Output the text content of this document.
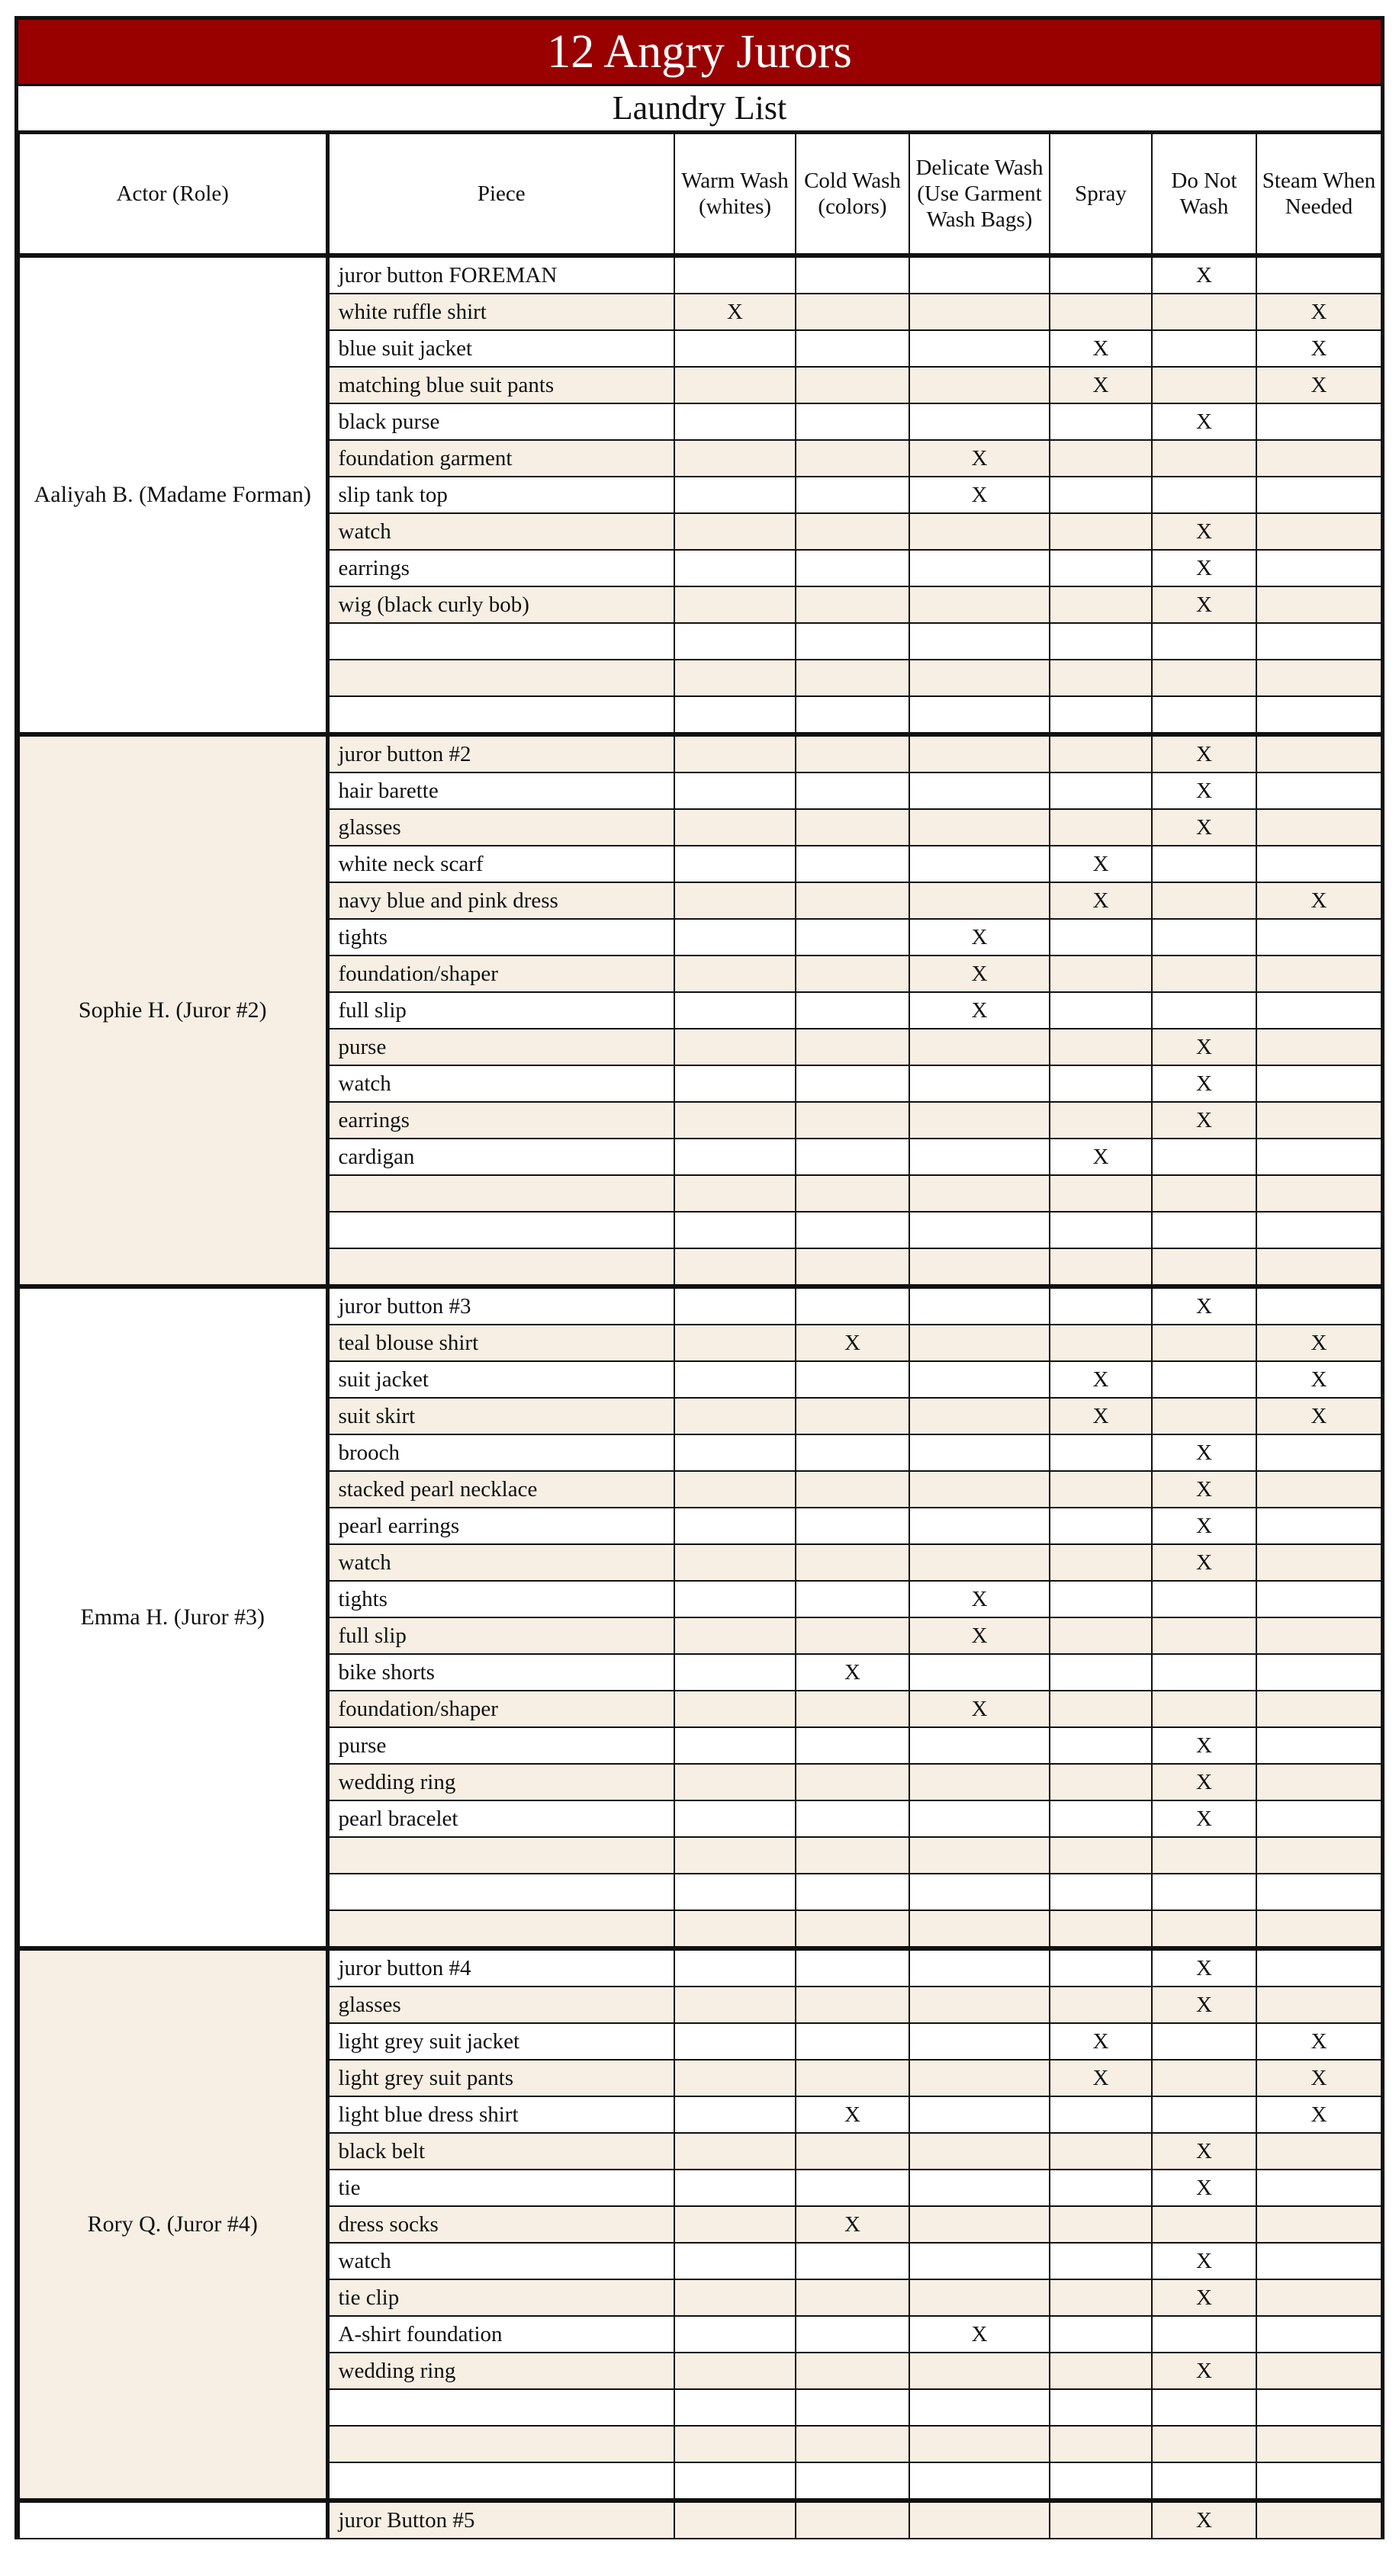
12 Angry Jurors
Laundry List
Actor (Role)	Piece	Warm Wash (whites)	Cold Wash (colors)	Delicate Wash (Use Garment Wash Bags)	Spray	Do Not Wash	Steam When Needed
Aaliyah B. (Madame Forman)	juror button FOREMAN					X	
	white ruffle shirt	X					X
	blue suit jacket				X		X
	matching blue suit pants				X		X
	black purse					X	
	foundation garment			X			
	slip tank top			X			
	watch					X	
	earrings					X	
	wig (black curly bob)					X	

Sophie H. (Juror #2)	juror button #2					X	
	hair barette					X	
	glasses					X	
	white neck scarf				X		
	navy blue and pink dress				X		X
	tights			X			
	foundation/shaper			X			
	full slip			X			
	purse					X	
	watch					X	
	earrings					X	
	cardigan				X		

Emma H. (Juror #3)	juror button #3					X	
	teal blouse shirt		X				X
	suit jacket				X		X
	suit skirt				X		X
	brooch					X	
	stacked pearl necklace					X	
	pearl earrings					X	
	watch					X	
	tights			X			
	full slip			X			
	bike shorts		X				
	foundation/shaper			X			
	purse					X	
	wedding ring					X	
	pearl bracelet					X	

Rory Q. (Juror #4)	juror button #4					X	
	glasses					X	
	light grey suit jacket				X		X
	light grey suit pants				X		X
	light blue dress shirt		X				X
	black belt					X	
	tie					X	
	dress socks		X				
	watch					X	
	tie clip					X	
	A-shirt foundation			X			
	wedding ring					X	

	juror Button #5					X	
